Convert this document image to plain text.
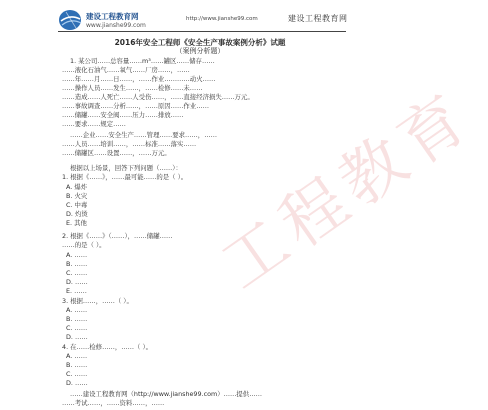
建设工程教育网
www.jianshe99.com
http://www.jianshe99.com	建设工程教育网
2016年安全工程师《安全生产事故案例分析》试题
（案例分析题）
1. 某公司……总容量……m³……罐区……储存……
……液化石油气……氧气……厂房……，……
……年……月……日……，……作业…………动火……
……操作人员……发生……，……检修……未……
……造成……人死亡……人受伤……，……直接经济损失……万元。
……事故调查……分析……，……原因……作业……
……储罐……安全阀……压力……排放……
……要求……规定……
……企业……安全生产……管理……要求……，……
……人员……培训……，……标准……落实……
……储罐区……设置……，……万元。
根据以上场景，回答下列问题（……）：
1. 根据《……》，……最可能……的是（ ）。
A. 爆炸
B. 火灾
C. 中毒
D. 灼烫
E. 其他
2. 根据《……》（……），……储罐……
……的是（ ）。
A. ……
B. ……
C. ……
D. ……
E. ……
3. 根据……，……（ ）。
A. ……
B. ……
C. ……
D. ……
4. 在……检修……，……（ ）。
A. ……
B. ……
C. ……
D. ……
……建设工程教育网（http://www.jianshe99.com）……提供……
……考试……，……资料……，……
工程教育
